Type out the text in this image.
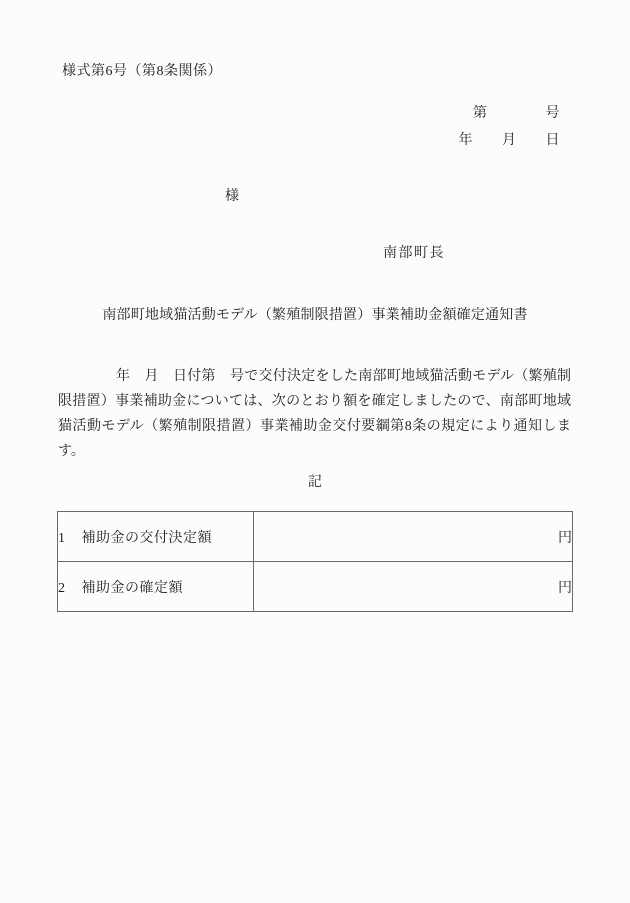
様式第6号（第8条関係）
第　　　　号
年　　月　　日
様
南部町長
南部町地域猫活動モデル（繁殖制限措置）事業補助金額確定通知書
年　月　日付第　号で交付決定をした南部町地域猫活動モデル（繁殖制限措置）事業補助金については、次のとおり額を確定しましたので、南部町地域猫活動モデル（繁殖制限措置）事業補助金交付要綱第8条の規定により通知します。
記
1 補助金の交付決定額	円
2 補助金の確定額	円
